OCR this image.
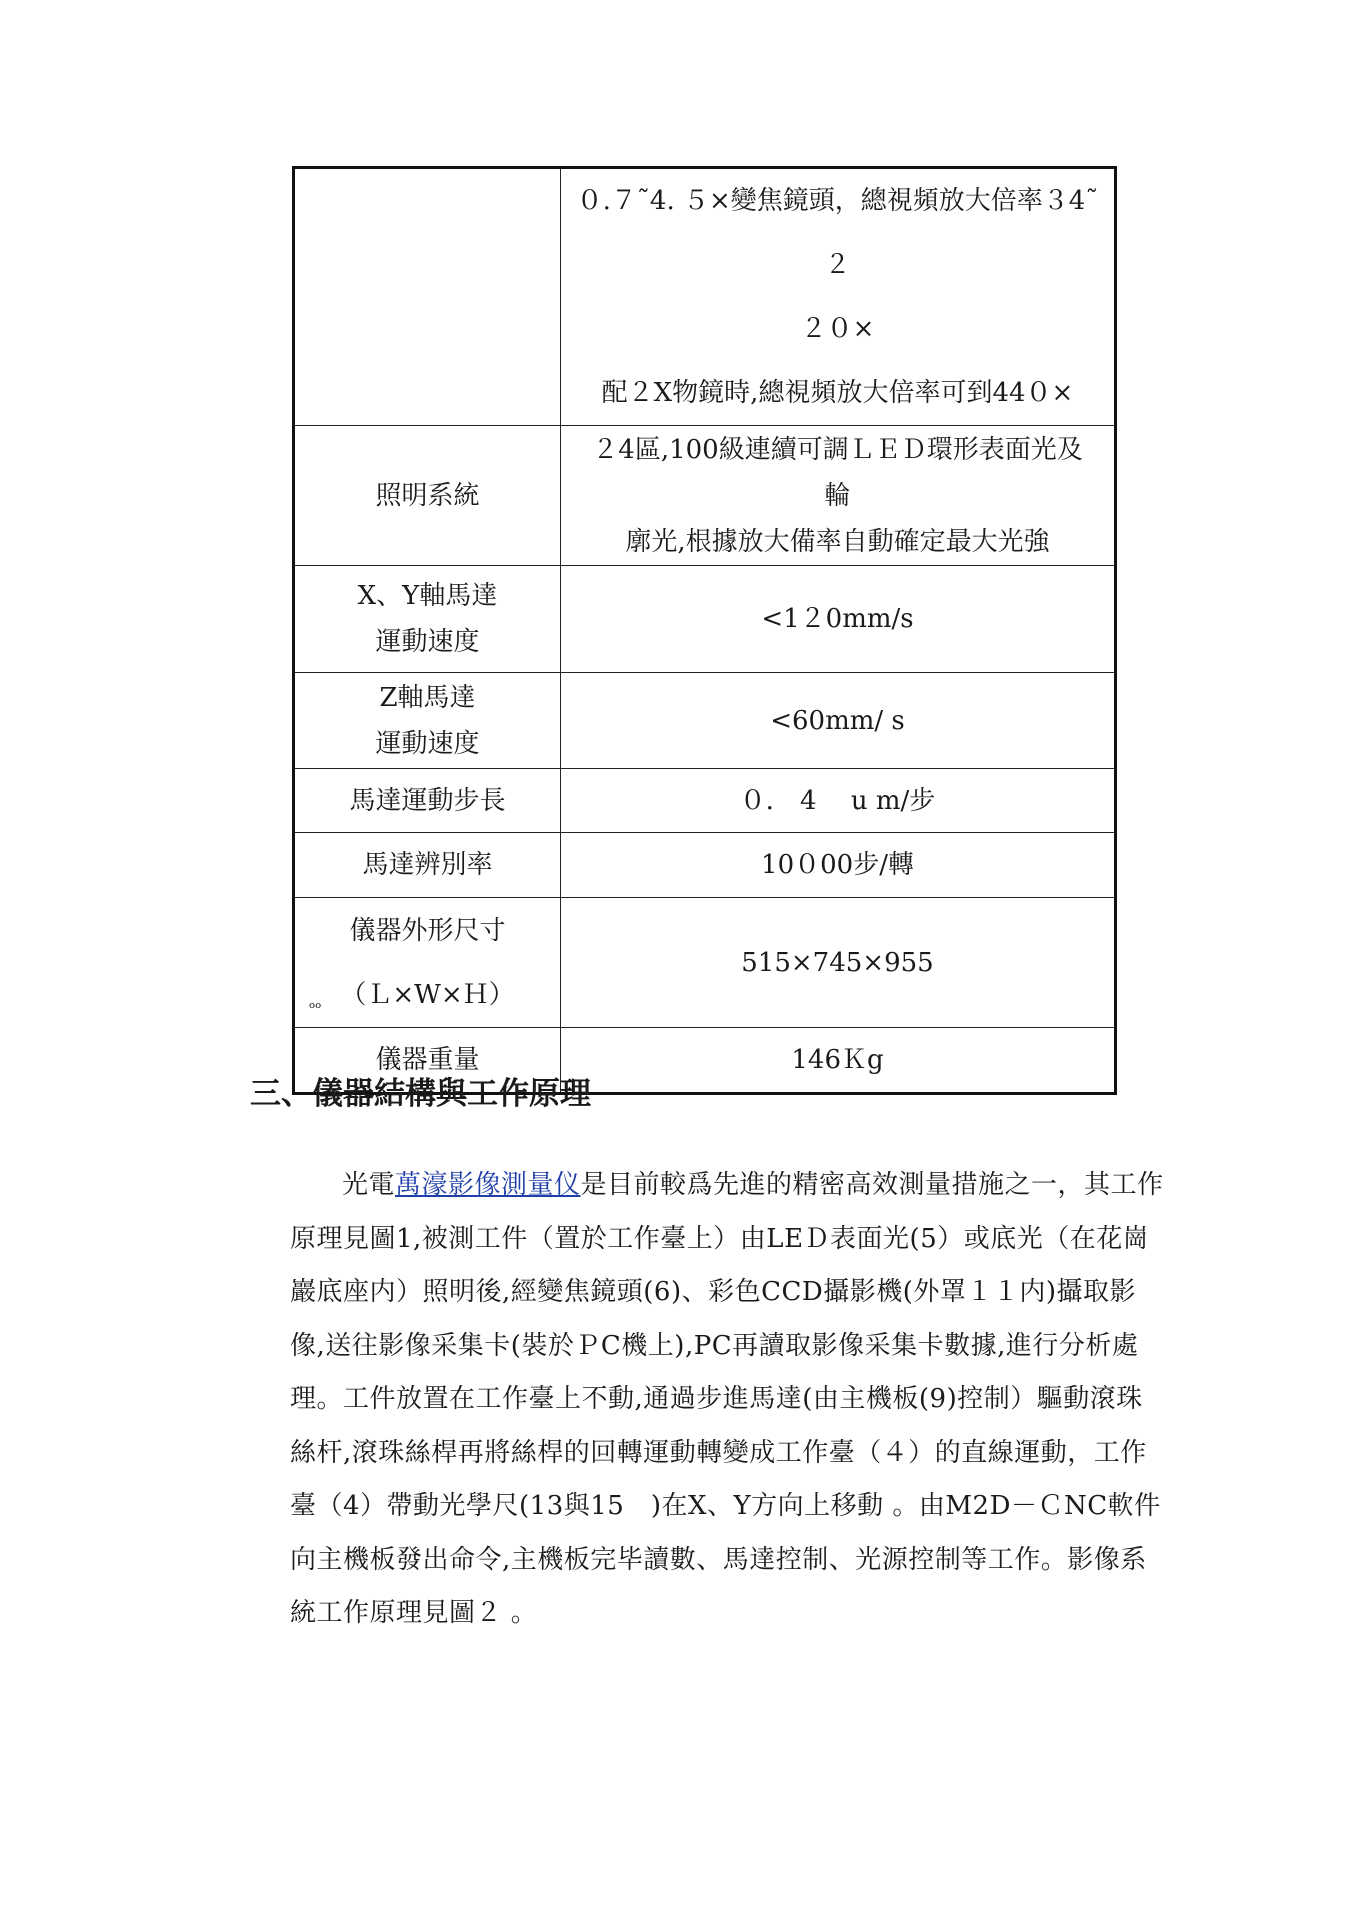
	０.７˜4. ５×變焦鏡頭，總視頻放大倍率３4˜２
２０×
配２X物鏡時,總視頻放大倍率可到44０×

照明系統	２4區,100級連續可調ＬＥＤ環形表面光及
輪
廓光,根據放大備率自動確定最大光強

X、Y軸馬達
運動速度	<1２0mm/s

Z軸馬達
運動速度	<60mm/ s

馬達運動步長	０． 4　 u m/步

馬達辨別率	10０00步/轉

儀器外形尺寸
（Ｌ×W×Ｈ）
ₒₒ	515×745×955

儀器重量	146Ｋg
三、儀器結構與工作原理

光電萬濠影像測量仪是目前較爲先進的精密高效測量措施之一，其工作原理見圖1,被測工件（置於工作臺上）由LEＤ表面光(5）或底光（在花崗巖底座内）照明後,經變焦鏡頭(6)、彩色CCD攝影機(外罩１１内)攝取影像,送往影像采集卡(裝於ＰC機上),PC再讀取影像采集卡數據,進行分析處理。工件放置在工作臺上不動,通過步進馬達(由主機板(9)控制）驅動滾珠絲杆,滾珠絲桿再將絲桿的回轉運動轉變成工作臺（４）的直線運動，工作臺（4）帶動光學尺(13與15　)在X、Y方向上移動 。由M2D－ＣNC軟件向主機板發出命令,主機板完毕讀數、馬達控制、光源控制等工作。影像系統工作原理見圖２ 。
